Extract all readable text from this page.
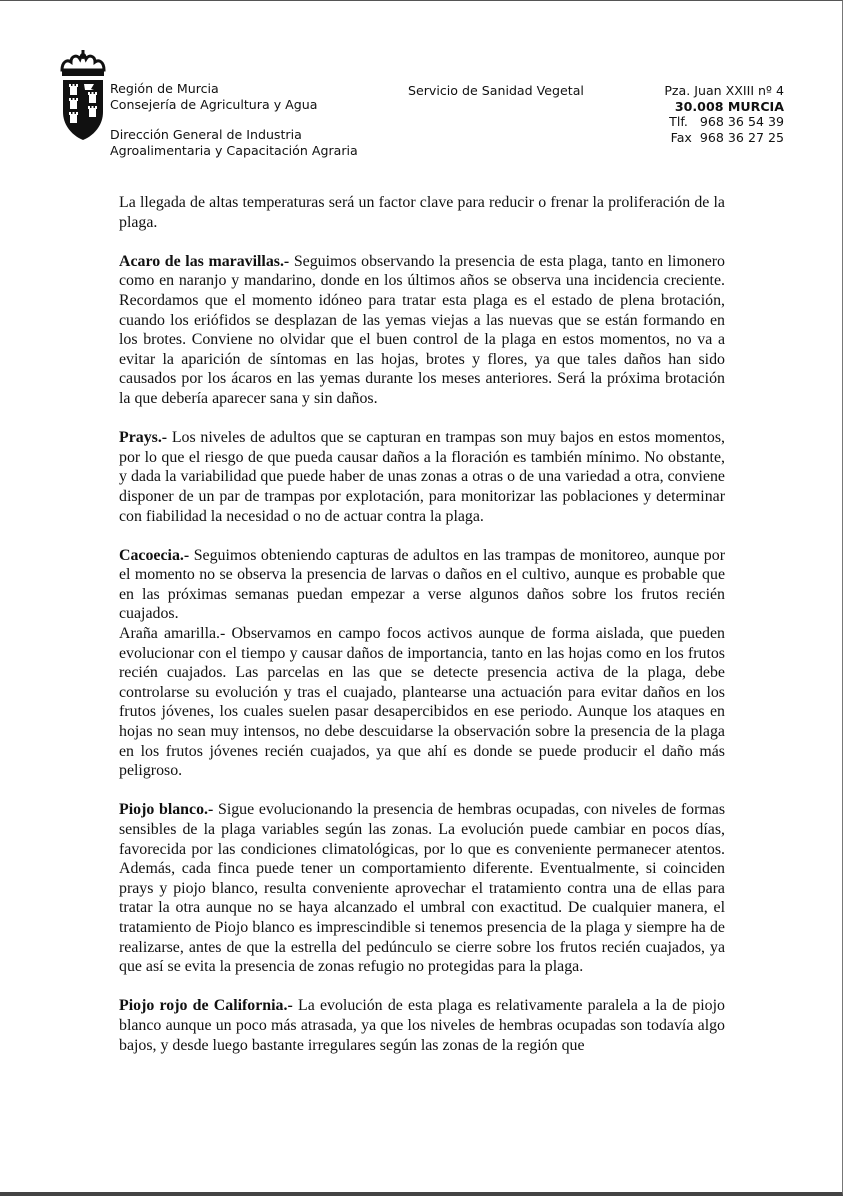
Región de Murcia
Consejería de Agricultura y Agua
Dirección General de Industria
Agroalimentaria y Capacitación Agraria
Servicio de Sanidad Vegetal	Pza. Juan XXIII nº 4
30.008 MURCIA
Tlf.   968 36 54 39
Fax  968 36 27 25

La llegada de altas temperaturas será un factor clave para reducir o frenar la proliferación de la plaga.

Acaro de las maravillas.- Seguimos observando la presencia de esta plaga, tanto en limonero como en naranjo y mandarino, donde en los últimos años se observa una incidencia creciente. Recordamos que el momento idóneo para tratar esta plaga es el estado de plena brotación, cuando los eriófidos se desplazan de las yemas viejas a las nuevas que se están formando en los brotes. Conviene no olvidar que el buen control de la plaga en estos momentos, no va a evitar la aparición de síntomas en las hojas, brotes y flores, ya que tales daños han sido causados por los ácaros en las yemas durante los meses anteriores. Será la próxima brotación la que debería aparecer sana y sin daños.

Prays.- Los niveles de adultos que se capturan en trampas son muy bajos en estos momentos, por lo que el riesgo de que pueda causar daños a la floración es también mínimo. No obstante, y dada la variabilidad que puede haber de unas zonas a otras o de una variedad a otra, conviene disponer de un par de trampas por explotación, para monitorizar las poblaciones y determinar con fiabilidad la necesidad o no de actuar contra la plaga.

Cacoecia.- Seguimos obteniendo capturas de adultos en las trampas de monitoreo, aunque por el momento no se observa la presencia de larvas o daños en el cultivo, aunque es probable que en las próximas semanas puedan empezar a verse algunos daños sobre los frutos recién cuajados.

Araña amarilla.- Observamos en campo focos activos aunque de forma aislada, que pueden evolucionar con el tiempo y causar daños de importancia, tanto en las hojas como en los frutos recién cuajados. Las parcelas en las que se detecte presencia activa de la plaga, debe controlarse su evolución y tras el cuajado, plantearse una actuación para evitar daños en los frutos jóvenes, los cuales suelen pasar desapercibidos en ese periodo. Aunque los ataques en hojas no sean muy intensos, no debe descuidarse la observación sobre la presencia de la plaga en los frutos jóvenes recién cuajados, ya que ahí es donde se puede producir el daño más peligroso.

Piojo blanco.- Sigue evolucionando la presencia de hembras ocupadas, con niveles de formas sensibles de la plaga variables según las zonas. La evolución puede cambiar en pocos días, favorecida por las condiciones climatológicas, por lo que es conveniente permanecer atentos. Además, cada finca puede tener un comportamiento diferente. Eventualmente, si coinciden prays y piojo blanco, resulta conveniente aprovechar el tratamiento contra una de ellas para tratar la otra aunque no se haya alcanzado el umbral con exactitud. De cualquier manera, el tratamiento de Piojo blanco es imprescindible si tenemos presencia de la plaga y siempre ha de realizarse, antes de que la estrella del pedúnculo se cierre sobre los frutos recién cuajados, ya que así se evita la presencia de zonas refugio no protegidas para la plaga.

Piojo rojo de California.- La evolución de esta plaga es relativamente paralela a la de piojo blanco aunque un poco más atrasada, ya que los niveles de hembras ocupadas son todavía algo bajos, y desde luego bastante irregulares según las zonas de la región que
